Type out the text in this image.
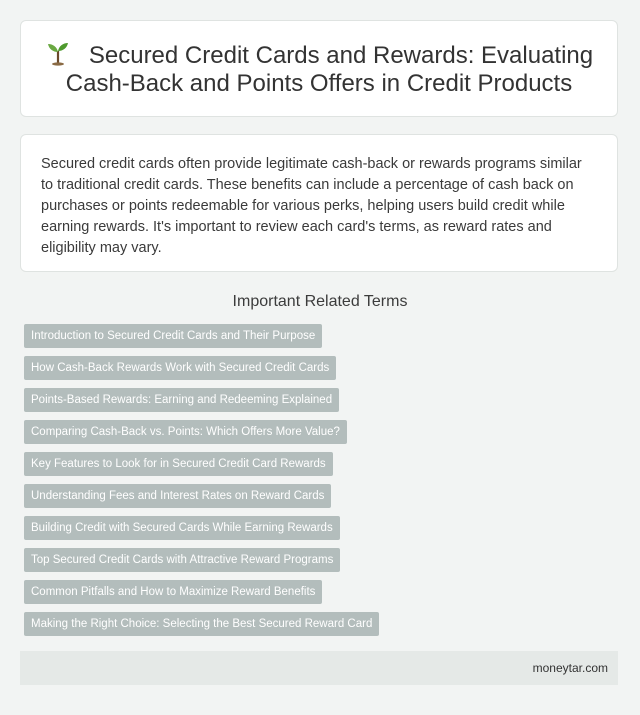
Secured Credit Cards and Rewards: Evaluating Cash-Back and Points Offers in Credit Products

Secured credit cards often provide legitimate cash-back or rewards programs similar to traditional credit cards. These benefits can include a percentage of cash back on purchases or points redeemable for various perks, helping users build credit while earning rewards. It's important to review each card's terms, as reward rates and eligibility may vary.

Important Related Terms
Introduction to Secured Credit Cards and Their Purpose
How Cash-Back Rewards Work with Secured Credit Cards
Points-Based Rewards: Earning and Redeeming Explained
Comparing Cash-Back vs. Points: Which Offers More Value?
Key Features to Look for in Secured Credit Card Rewards
Understanding Fees and Interest Rates on Reward Cards
Building Credit with Secured Cards While Earning Rewards
Top Secured Credit Cards with Attractive Reward Programs
Common Pitfalls and How to Maximize Reward Benefits
Making the Right Choice: Selecting the Best Secured Reward Card
moneytar.com
